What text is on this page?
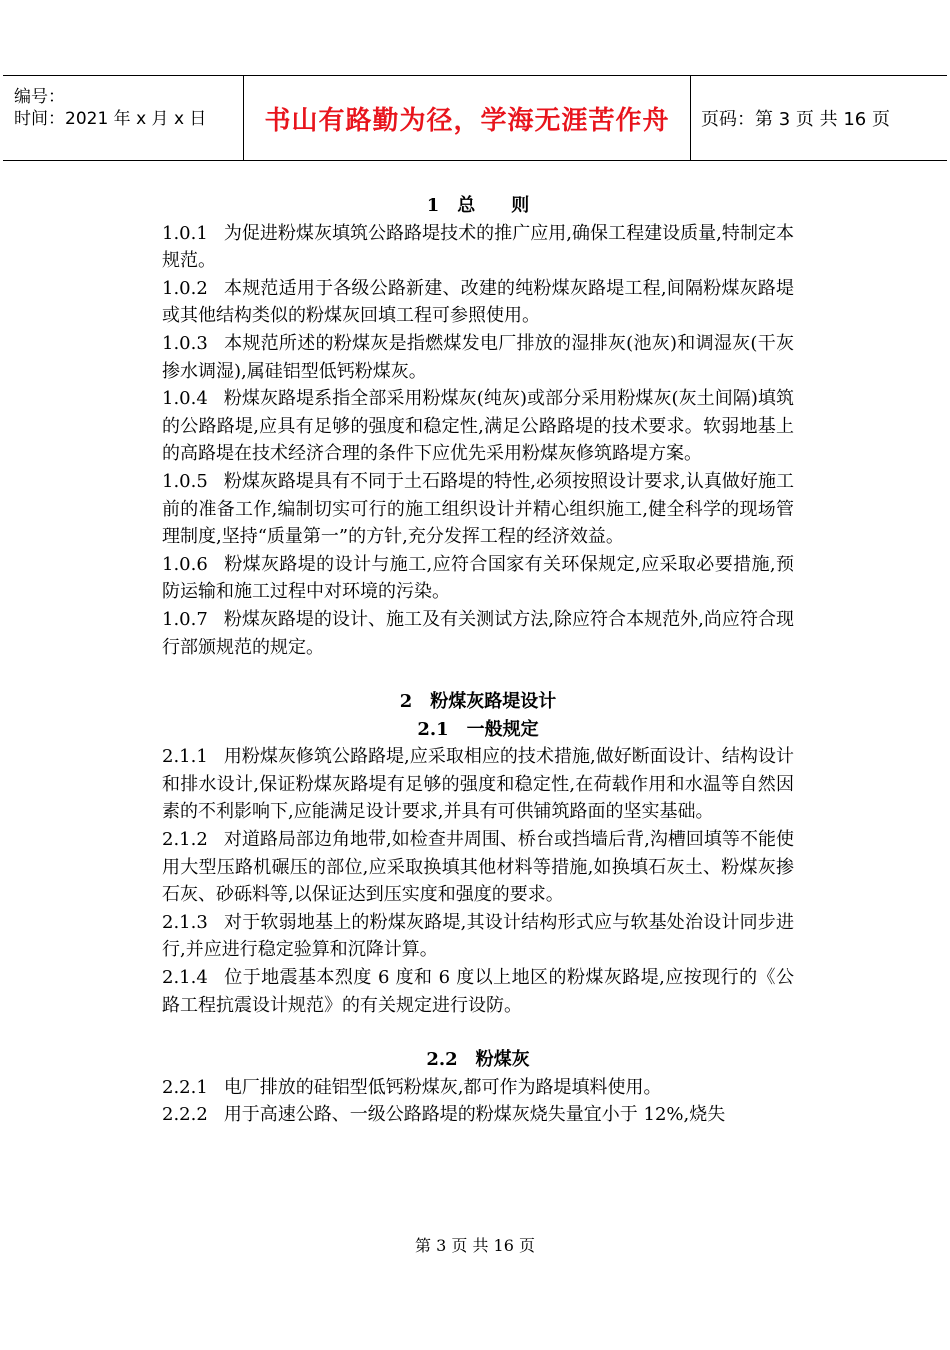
编号：
时间：2021 年 x 月 x 日	书山有路勤为径，学海无涯苦作舟	页码：第 3 页 共 16 页

1　总　　则

1.0.1 为促进粉煤灰填筑公路路堤技术的推广应用,确保工程建设质量,特制定本规范。

1.0.2 本规范适用于各级公路新建、改建的纯粉煤灰路堤工程,间隔粉煤灰路堤或其他结构类似的粉煤灰回填工程可参照使用。

1.0.3 本规范所述的粉煤灰是指燃煤发电厂排放的湿排灰(池灰)和调湿灰(干灰掺水调湿),属硅铝型低钙粉煤灰。

1.0.4 粉煤灰路堤系指全部采用粉煤灰(纯灰)或部分采用粉煤灰(灰土间隔)填筑的公路路堤,应具有足够的强度和稳定性,满足公路路堤的技术要求。软弱地基上的高路堤在技术经济合理的条件下应优先采用粉煤灰修筑路堤方案。

1.0.5 粉煤灰路堤具有不同于土石路堤的特性,必须按照设计要求,认真做好施工前的准备工作,编制切实可行的施工组织设计并精心组织施工,健全科学的现场管理制度,坚持“质量第一”的方针,充分发挥工程的经济效益。

1.0.6 粉煤灰路堤的设计与施工,应符合国家有关环保规定,应采取必要措施,预防运输和施工过程中对环境的污染。

1.0.7 粉煤灰路堤的设计、施工及有关测试方法,除应符合本规范外,尚应符合现行部颁规范的规定。

2　粉煤灰路堤设计

2.1　一般规定

2.1.1 用粉煤灰修筑公路路堤,应采取相应的技术措施,做好断面设计、结构设计和排水设计,保证粉煤灰路堤有足够的强度和稳定性,在荷载作用和水温等自然因素的不利影响下,应能满足设计要求,并具有可供铺筑路面的坚实基础。

2.1.2 对道路局部边角地带,如检查井周围、桥台或挡墙后背,沟槽回填等不能使用大型压路机碾压的部位,应采取换填其他材料等措施,如换填石灰土、粉煤灰掺石灰、砂砾料等,以保证达到压实度和强度的要求。

2.1.3 对于软弱地基上的粉煤灰路堤,其设计结构形式应与软基处治设计同步进行,并应进行稳定验算和沉降计算。

2.1.4 位于地震基本烈度 6 度和 6 度以上地区的粉煤灰路堤,应按现行的《公路工程抗震设计规范》的有关规定进行设防。

2.2　粉煤灰

2.2.1 电厂排放的硅铝型低钙粉煤灰,都可作为路堤填料使用。

2.2.2 用于高速公路、一级公路路堤的粉煤灰烧失量宜小于 12%,烧失

第 3 页 共 16 页
